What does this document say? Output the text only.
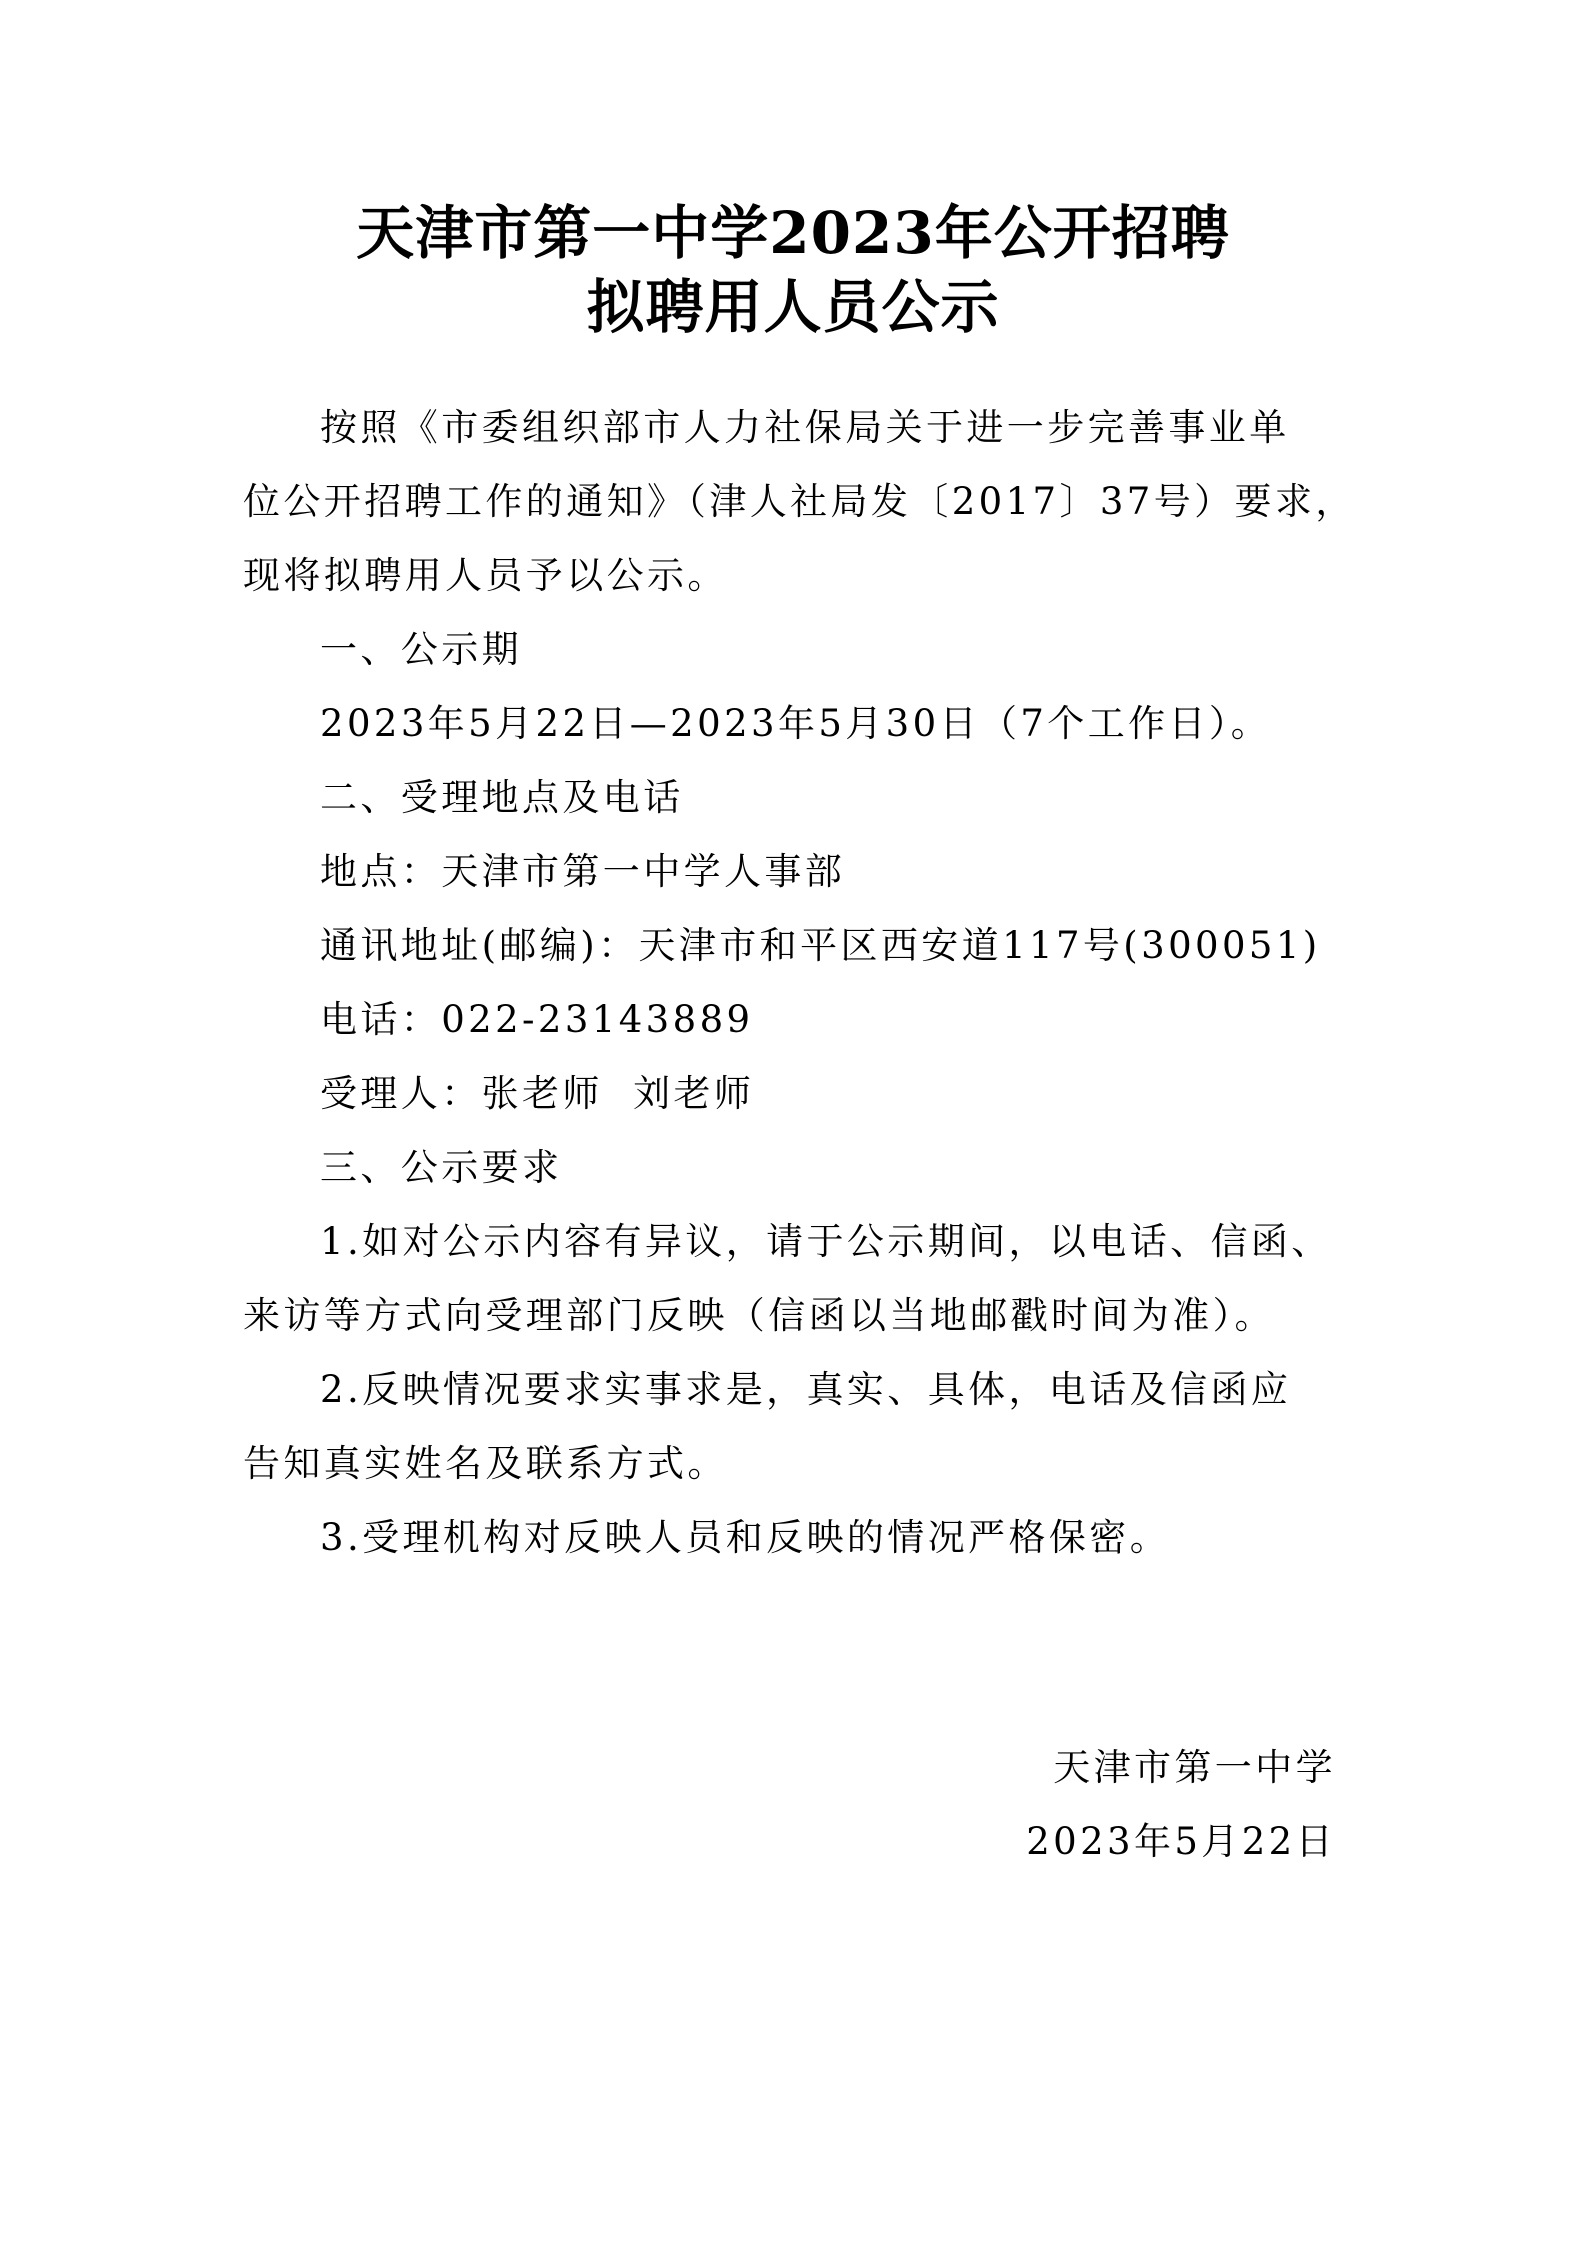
天津市第一中学2023年公开招聘
拟聘用人员公示
按照《市委组织部市人力社保局关于进一步完善事业单
位公开招聘工作的通知》（津人社局发〔2017〕37号）要求，
现将拟聘用人员予以公示。
一、公示期
2023年5月22日—2023年5月30日（7个工作日）。
二、受理地点及电话
地点：天津市第一中学人事部
通讯地址(邮编)：天津市和平区西安道117号(300051)
电话：022-23143889
受理人：张老师  刘老师
三、公示要求
1.如对公示内容有异议，请于公示期间，以电话、信函、
来访等方式向受理部门反映（信函以当地邮戳时间为准）。
2.反映情况要求实事求是，真实、具体，电话及信函应
告知真实姓名及联系方式。
3.受理机构对反映人员和反映的情况严格保密。
天津市第一中学
2023年5月22日
